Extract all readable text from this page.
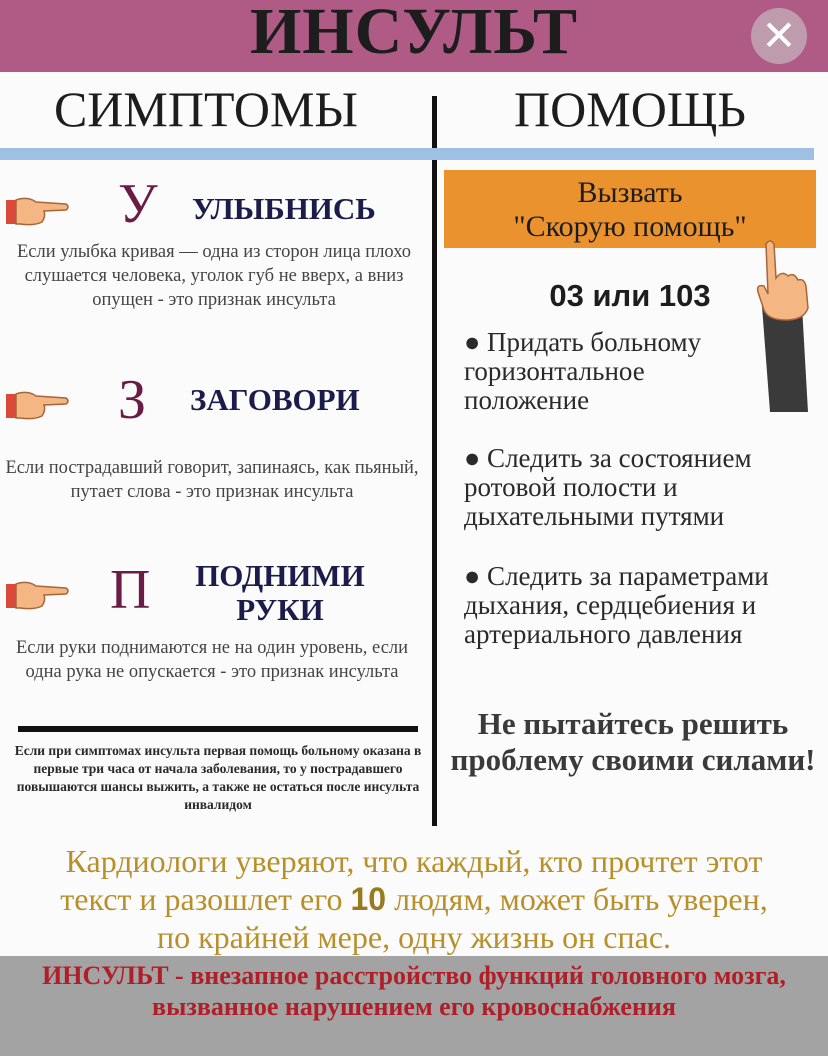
ИНСУЛЬТ	✕
СИМПТОМЫ	ПОМОЩЬ
У УЛЫБНИСЬ
Если улыбка кривая — одна из сторон лица плохо слушается человека, уголок губ не вверх, а вниз опущен - это признак инсульта
З ЗАГОВОРИ
Если пострадавший говорит, запинаясь, как пьяный, путает слова - это признак инсульта
П ПОДНИМИ
РУКИ
Если руки поднимаются не на один уровень, если одна рука не опускается - это признак инсульта
Если при симптомах инсульта первая помощь больному оказана в первые три часа от начала заболевания, то у пострадавшего повышаются шансы выжить, а также не остаться после инсульта инвалидом
Вызвать
"Скорую помощь"
03 или 103
● Придать больному горизонтальное положение
● Следить за состоянием ротовой полости и дыхательными путями
● Следить за параметрами дыхания, сердцебиения и артериального давления
Не пытайтесь решить проблему своими силами!
Кардиологи уверяют, что каждый, кто прочтет этот
текст и разошлет его 10 людям, может быть уверен,
по крайней мере, одну жизнь он спас.
ИНСУЛЬТ - внезапное расстройство функций головного мозга, вызванное нарушением его кровоснабжения
